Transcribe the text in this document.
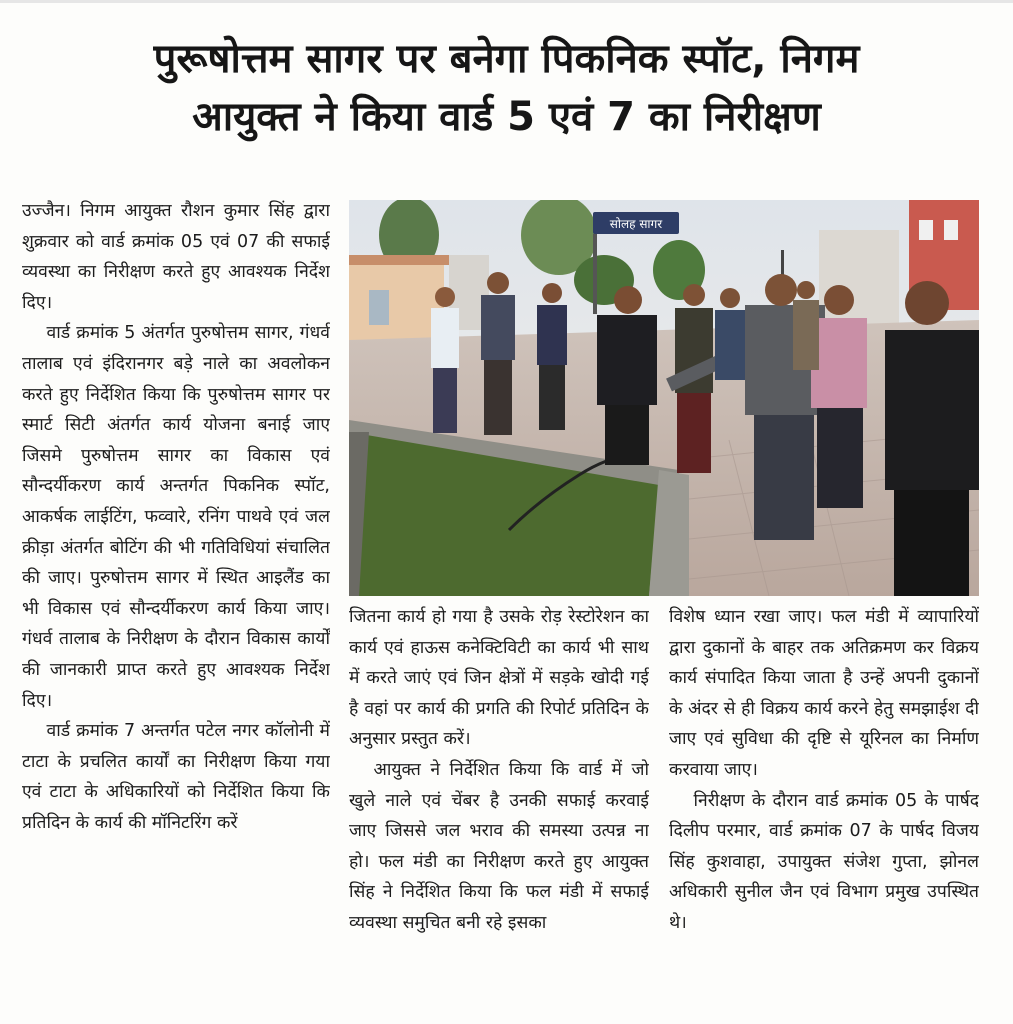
पुरूषोत्तम सागर पर बनेगा पिकनिक स्पॉट, निगम
आयुक्त ने किया वार्ड 5 एवं 7 का निरीक्षण

उज्जैन। निगम आयुक्त रौशन कुमार सिंह द्वारा शुक्रवार को वार्ड क्रमांक 05 एवं 07 की सफाई व्यवस्था का निरीक्षण करते हुए आवश्यक निर्देश दिए।

वार्ड क्रमांक 5 अंतर्गत पुरुषोत्तम सागर, गंधर्व तालाब एवं इंदिरानगर बड़े नाले का अवलोकन करते हुए निर्देशित किया कि पुरुषोत्तम सागर पर स्मार्ट सिटी अंतर्गत कार्य योजना बनाई जाए जिसमे पुरुषोत्तम सागर का विकास एवं सौन्दर्यीकरण कार्य अन्तर्गत पिकनिक स्पॉट, आकर्षक लाईटिंग, फव्वारे, रनिंग पाथवे एवं जल क्रीड़ा अंतर्गत बोटिंग की भी गतिविधियां संचालित की जाए। पुरुषोत्तम सागर में स्थित आइलैंड का भी विकास एवं सौन्दर्यीकरण कार्य किया जाए। गंधर्व तालाब के निरीक्षण के दौरान विकास कार्यों की जानकारी प्राप्त करते हुए आवश्यक निर्देश दिए।

वार्ड क्रमांक 7 अन्तर्गत पटेल नगर कॉलोनी में टाटा के प्रचलित कार्यों का निरीक्षण किया गया एवं टाटा के अधिकारियों को निर्देशित किया कि प्रतिदिन के कार्य की मॉनिटरिंग करें

सोलह सागर

जितना कार्य हो गया है उसके रोड़ रेस्टोरेशन का कार्य एवं हाऊस कनेक्टिविटी का कार्य भी साथ में करते जाएं एवं जिन क्षेत्रों में सड़के खोदी गई है वहां पर कार्य की प्रगति की रिपोर्ट प्रतिदिन के अनुसार प्रस्तुत करें।

आयुक्त ने निर्देशित किया कि वार्ड में जो खुले नाले एवं चेंबर है उनकी सफाई करवाई जाए जिससे जल भराव की समस्या उत्पन्न ना हो। फल मंडी का निरीक्षण करते हुए आयुक्त सिंह ने निर्देशित किया कि फल मंडी में सफाई व्यवस्था समुचित बनी रहे इसका

विशेष ध्यान रखा जाए। फल मंडी में व्यापारियों द्वारा दुकानों के बाहर तक अतिक्रमण कर विक्रय कार्य संपादित किया जाता है उन्हें अपनी दुकानों के अंदर से ही विक्रय कार्य करने हेतु समझाईश दी जाए एवं सुविधा की दृष्टि से यूरिनल का निर्माण करवाया जाए।

निरीक्षण के दौरान वार्ड क्रमांक 05 के पार्षद दिलीप परमार, वार्ड क्रमांक 07 के पार्षद विजय सिंह कुशवाहा, उपायुक्त संजेश गुप्ता, झोनल अधिकारी सुनील जैन एवं विभाग प्रमुख उपस्थित थे।
